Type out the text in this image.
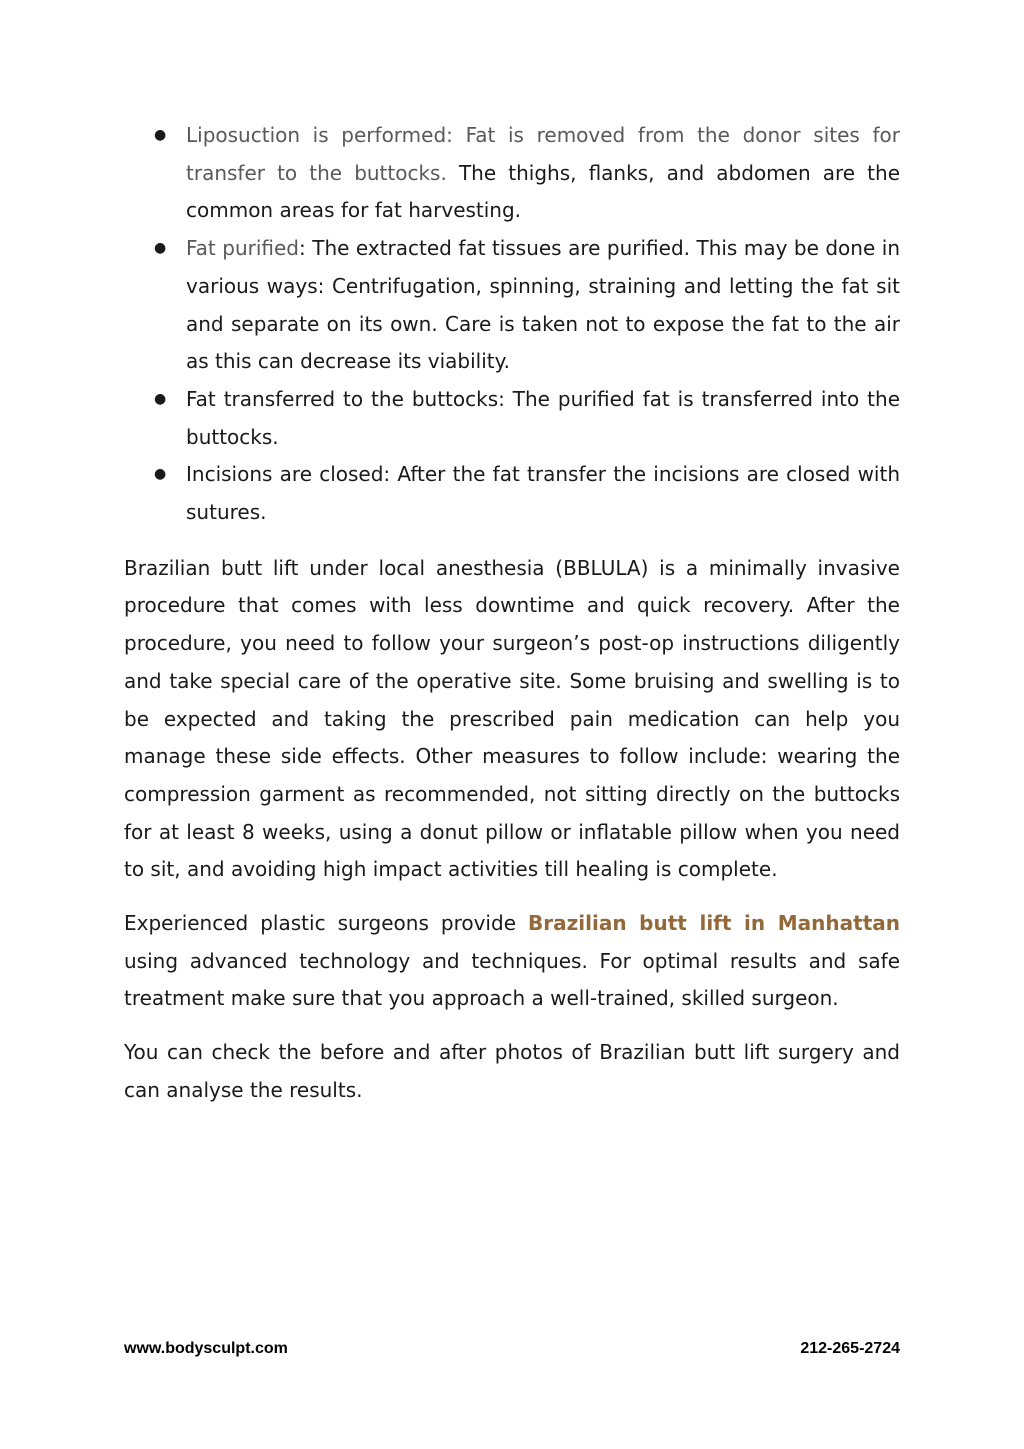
● Liposuction is performed: Fat is removed from the donor sites for transfer to the buttocks. The thighs, flanks, and abdomen are the common areas for fat harvesting.
● Fat purified: The extracted fat tissues are purified. This may be done in various ways: Centrifugation, spinning, straining and letting the fat sit and separate on its own. Care is taken not to expose the fat to the air as this can decrease its viability.
● Fat transferred to the buttocks: The purified fat is transferred into the buttocks.
● Incisions are closed: After the fat transfer the incisions are closed with sutures.

Brazilian butt lift under local anesthesia (BBLULA) is a minimally invasive procedure that comes with less downtime and quick recovery. After the procedure, you need to follow your surgeon’s post-op instructions diligently and take special care of the operative site. Some bruising and swelling is to be expected and taking the prescribed pain medication can help you manage these side effects. Other measures to follow include: wearing the compression garment as recommended, not sitting directly on the buttocks for at least 8 weeks, using a donut pillow or inflatable pillow when you need to sit, and avoiding high impact activities till healing is complete.

Experienced plastic surgeons provide Brazilian butt lift in Manhattan using advanced technology and techniques. For optimal results and safe treatment make sure that you approach a well-trained, skilled surgeon.

You can check the before and after photos of Brazilian butt lift surgery and can analyse the results.

www.bodysculpt.com	212-265-2724
